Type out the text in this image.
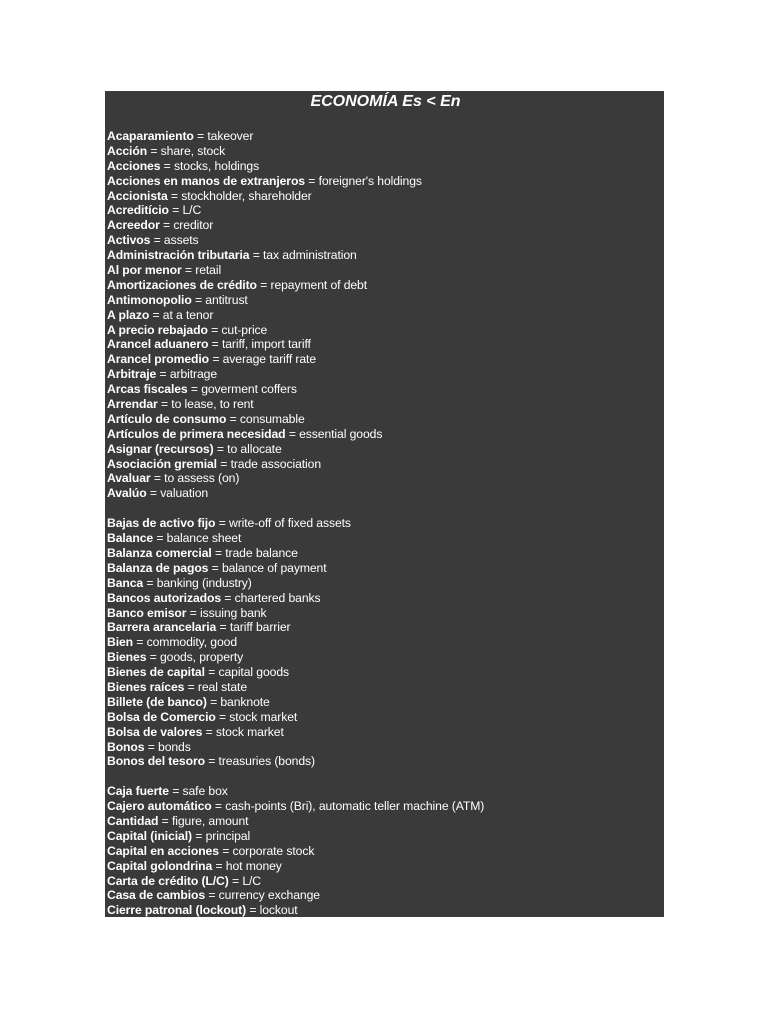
ECONOMÍA Es < En
Acaparamiento = takeover
Acción = share, stock
Acciones = stocks, holdings
Acciones en manos de extranjeros = foreigner's holdings
Accionista = stockholder, shareholder
Acreditício = L/C
Acreedor = creditor
Activos = assets
Administración tributaria = tax administration
Al por menor = retail
Amortizaciones de crédito = repayment of debt
Antimonopolio = antitrust
A plazo = at a tenor
A precio rebajado = cut-price
Arancel aduanero = tariff, import tariff
Arancel promedio = average tariff rate
Arbitraje = arbitrage
Arcas fiscales = goverment coffers
Arrendar = to lease, to rent
Artículo de consumo = consumable
Artículos de primera necesidad = essential goods
Asignar (recursos) = to allocate
Asociación gremial = trade association
Avaluar = to assess (on)
Avalúo = valuation
Bajas de activo fijo = write-off of fixed assets
Balance = balance sheet
Balanza comercial = trade balance
Balanza de pagos = balance of payment
Banca = banking (industry)
Bancos autorizados = chartered banks
Banco emisor = issuing bank
Barrera arancelaria = tariff barrier
Bien = commodity, good
Bienes = goods, property
Bienes de capital = capital goods
Bienes raíces = real state
Billete (de banco) = banknote
Bolsa de Comercio = stock market
Bolsa de valores = stock market
Bonos = bonds
Bonos del tesoro = treasuries (bonds)
Caja fuerte = safe box
Cajero automático = cash-points (Bri), automatic teller machine (ATM)
Cantidad = figure, amount
Capital (inicial) = principal
Capital en acciones = corporate stock
Capital golondrina = hot money
Carta de crédito (L/C) = L/C
Casa de cambios = currency exchange
Cierre patronal (lockout) = lockout
